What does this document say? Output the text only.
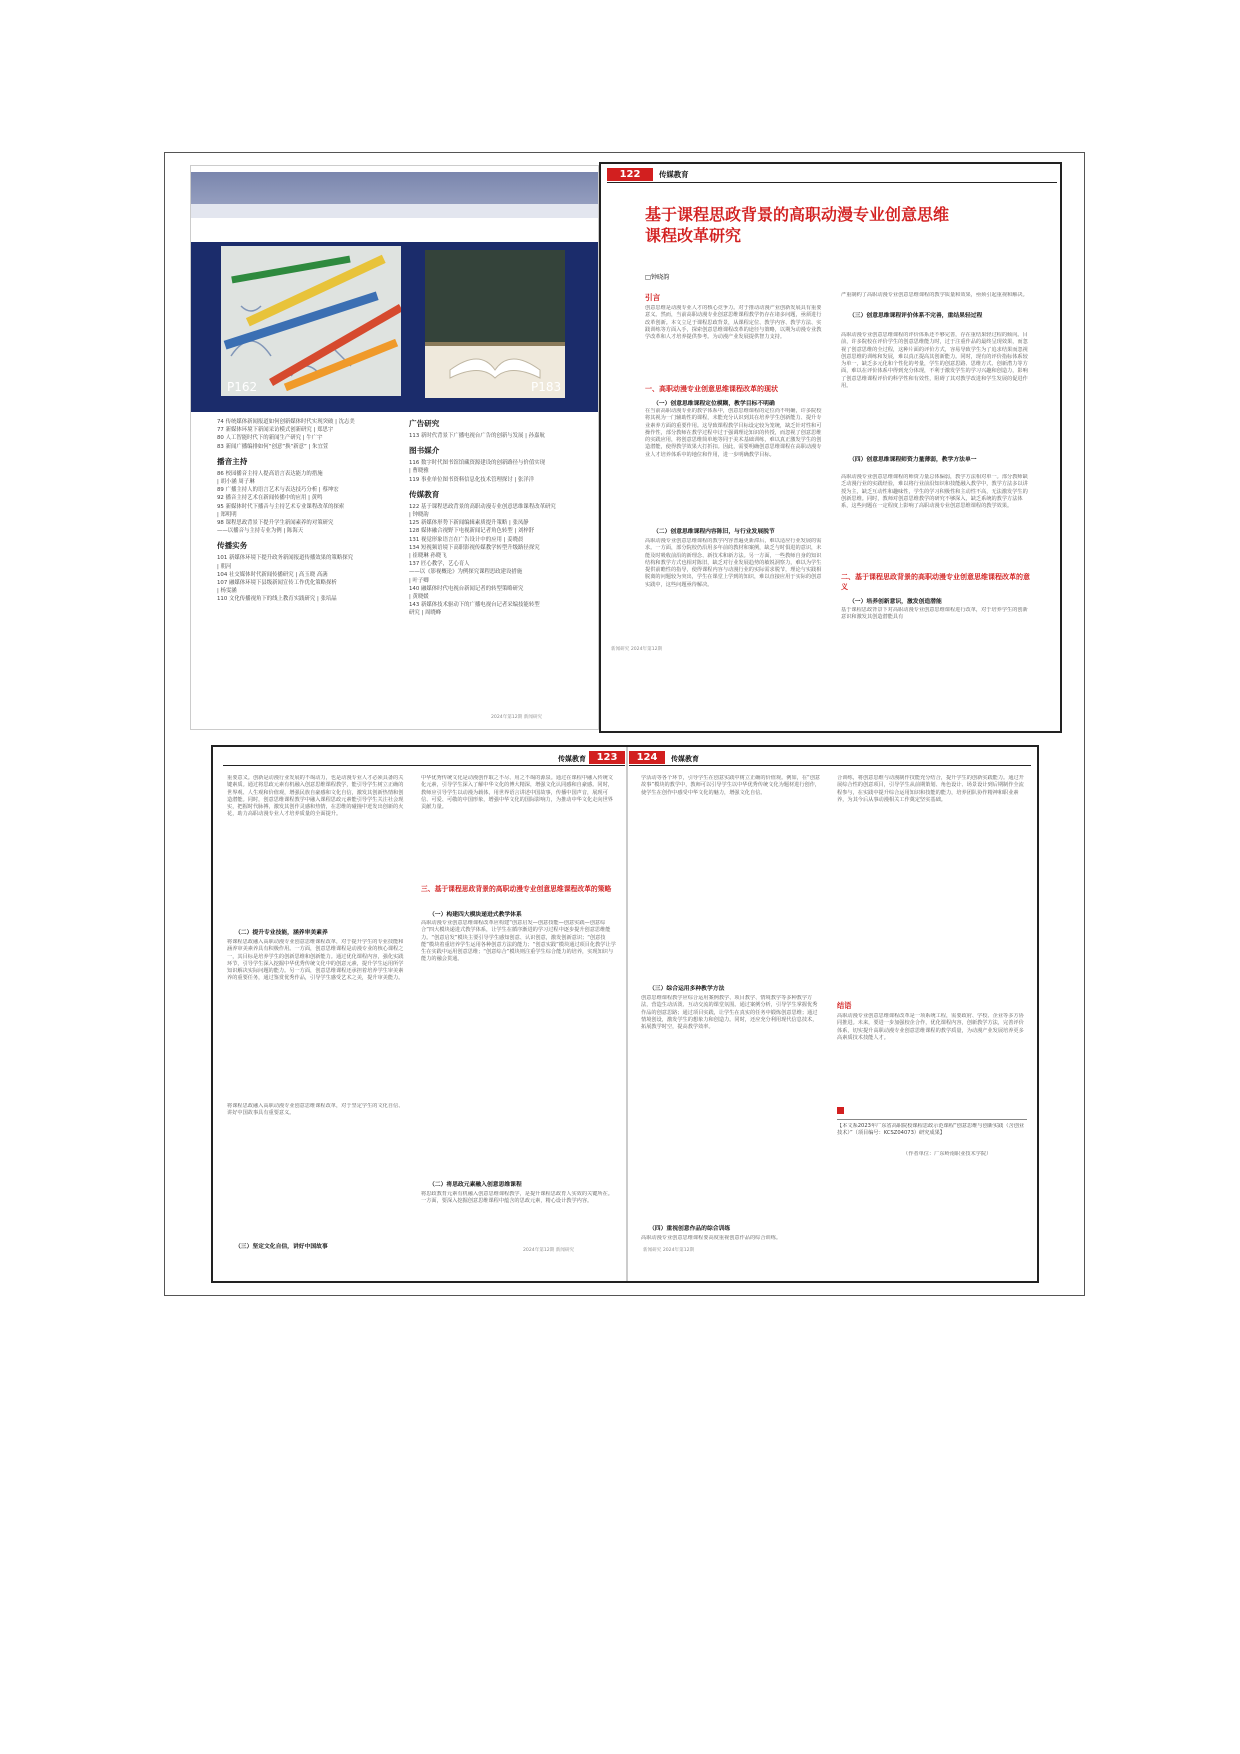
P162	P183
74 传统媒体新闻报道如何创新媒体时代实现突破 | 沈志美
77 新媒体环境下新闻采访模式创新研究 | 郑思宇
80 人工智能时代下的新闻生产研究 | 牛广宇
83 新闻广播编排如何“创意”换“新意” | 朱宜萱
播音主持
86 校园播音主持人提高语言表达能力的措施
| 胡小涵 周子琳
89 广播主持人的语言艺术与表达技巧分析 | 蔡坤宏
92 播音主持艺术在新闻传播中的应用 | 黄鸣
95 新媒体时代下播音与主持艺术专业课程改革的探索
| 郑明明
98 课程思政背景下提升学生新闻素养的对策研究
——以播音与主持专业为例 | 陈海天
传播实务
101 新媒体环境下提升政务新闻报道传播效果的策略探究
| 朝河
104 社交媒体时代新闻传播研究 | 高玉晓 高菡
107 融媒体环境下县级新闻宣传工作优化策略探析
| 杨雯涵
110 文化传播视角下的线上教育实践研究 | 张培晶
广告研究
113 新时代背景下广播电视台广告的创新与发展 | 孙嘉航
图书媒介
116 数字时代图书馆馆藏资源建设的创新路径与价值实现
| 曹晓雅
119 事业单位图书资料信息化技术管理探讨 | 张洋洋
传媒教育
122 基于课程思政背景的高职动漫专业创意思维课程改革研究
| 钟晓韵
125 新媒体形势下新闻编辑素质提升策略 | 张凤静
128 媒体融合视野下电视新闻记者角色转型 | 刘梓舒
131 视觉形象语言在广告设计中的应用 | 姜晓晨
134 短视频语境下高职影视传媒教学转型升级路径探究
| 崔晓琳 孙晓飞
137 匠心教学，艺心育人
——以《影视概论》为例探究课程思政建设措施
| 叶子卿
140 融媒体时代电视台新闻记者的转型策略研究
| 黄晓媛
143 新媒体技术驱动下的广播电视台记者采编技能转型
研究 | 周晓峰
2024年第12期 新闻研究
122	传媒教育
基于课程思政背景的高职动漫专业创意思维
课程改革研究
□钟晓韵
引言
创意思维是动漫专业人才的核心竞争力。对于推动动漫产业创新发展具有重要意义。然而，当前高职动漫专业创意思维课程教学仍存在诸多问题，亟须进行改革创新。本文立足于课程思政背景，从课程定位、教学内容、教学方法、实践训练等方面入手，探索创意思维课程改革的途径与策略，以期为动漫专业教学改革和人才培养提供参考。为动漫产业发展提供智力支持。
一、高职动漫专业创意思维课程改革的现状
（一）创意思维课程定位模糊，教学目标不明确
在当前高职动漫专业的教学体系中，创意思维课程的定位尚不明确，许多院校将其视为一门辅助性的课程，未能充分认识到其在培养学生创新能力、提升专业素养方面的重要作用。这导致课程教学目标设定较为笼统，缺乏针对性和可操作性，部分教师在教学过程中过于强调理论知识的传授，而忽视了创意思维的实践应用，将创意思维简单地等同于美术基础训练，难以真正激发学生的创造潜能，使得教学效果大打折扣。因此，需要明确创意思维课程在高职动漫专业人才培养体系中的地位和作用，进一步明确教学目标。
（二）创意思维课程内容陈旧，与行业发展脱节
高职动漫专业创意思维课程的教学内容普遍更新滞后，难以适应行业发展的需求。一方面，部分院校仍沿用多年前的教材和案例，缺乏与时俱进的意识，未能及时吸收前沿的新理念、新技术和新方法。另一方面，一些教师自身的知识结构和教学方式也相对陈旧，缺乏对行业发展趋势的敏锐洞察力，难以为学生提供前瞻性的指导，使得课程内容与动漫行业的实际需求脱节，理论与实践相脱离的问题较为突出，学生在课堂上学到的知识，难以直接应用于实际的创意实践中，这些问题亟待解决。
严重制约了高职动漫专业创意思维课程的教学质量和效果，亟须引起重视和解决。
（三）创意思维课程评价体系不完善，重结果轻过程
高职动漫专业创意思维课程的评价体系还不够完善，存在重结果轻过程的倾向。目前，许多院校在评价学生的创意思维能力时，过于注重作品的最终呈现效果，而忽视了创意思维的全过程，这种片面的评价方式，容易导致学生为了追求结果而忽视创意思维的训练和发展，难以真正提高其创新能力。同时，现有的评价指标体系较为单一，缺乏多元化和个性化的考量，学生的创意思路、思维方式、创新潜力等方面，难以在评价体系中得到充分体现，不利于激发学生的学习兴趣和创造力，影响了创意思维课程评价的科学性和有效性，阻碍了其对教学改进和学生发展的促进作用。
（四）创意思维课程师资力量薄弱，教学方法单一
高职动漫专业创意思维课程的师资力量总体偏弱，教学方法相对单一。部分教师缺乏动漫行业的实践经验，难以将行业前沿知识和技能融入教学中，教学方法多以讲授为主，缺乏互动性和趣味性，学生的学习积极性和主动性不高，无法激发学生的创新思维。同时，教师对创意思维教学的研究不够深入，缺乏系统的教学方法体系，这些问题在一定程度上影响了高职动漫专业创意思维课程的教学效果。
二、基于课程思政背景的高职动漫专业创意思维课程改革的意义
（一）培养创新意识，激发创造潜能
基于课程思政背景下对高职动漫专业创意思维课程进行改革，对于培养学生的创新意识和激发其创造潜能具有
新闻研究 2024年第12期
传媒教育	123	124	传媒教育
重要意义。创新是动漫行业发展的不竭动力，也是动漫专业人才必须具备的关键素质。通过将思政元素有机融入创意思维课程教学，能引导学生树立正确的世界观、人生观和价值观，增强民族自豪感和文化自信，激发其创新热情和创造潜能。同时，创意思维课程教学中融入课程思政元素能引导学生关注社会现实，把握时代脉搏，激发其创作灵感和热情，在思维的碰撞中迸发出创新的火花，助力高职动漫专业人才培养质量的全面提升。
（二）提升专业技能，涵养审美素养
将课程思政融入高职动漫专业创意思维课程改革，对于提升学生的专业技能和涵养审美素养具有积极作用。一方面，创意思维课程是动漫专业的核心课程之一，其目标是培养学生的创新思维和创新能力。通过优化课程内容，强化实践环节，引导学生深入挖掘中华优秀传统文化中的创意元素，提升学生运用所学知识解决实际问题的能力。另一方面，创意思维课程还承担着培养学生审美素养的重要任务，通过鉴赏优秀作品，引导学生感受艺术之美，提升审美能力。
将课程思政融入高职动漫专业创意思维课程改革，对于坚定学生的文化自信、讲好中国故事具有重要意义。
（三）坚定文化自信，讲好中国故事
中华优秀传统文化是动漫创作取之不尽、用之不竭的源泉。通过在课程中融入传统文化元素，引导学生深入了解中华文化的博大精深，增强文化认同感和自豪感。同时，教师应引导学生以动漫为载体，用世界语言讲述中国故事，传播中国声音，展现可信、可爱、可敬的中国形象，增强中华文化的国际影响力，为推动中华文化走向世界贡献力量。
三、基于课程思政背景的高职动漫专业创意思维课程改革的策略
（一）构建四大模块递进式教学体系
高职动漫专业创意思维课程改革应构建“创意启发—创意技能—创意实践—创意综合”四大模块递进式教学体系，让学生在循序渐进的学习过程中逐步提升创意思维能力。“创意启发”模块主要引导学生感知创意、认识创意，激发创新意识；“创意技能”模块着重培养学生运用各种创意方法的能力；“创意实践”模块通过项目化教学让学生在实践中运用创意思维；“创意综合”模块则注重学生综合能力的培养，实现知识与能力的融会贯通。
（二）将思政元素融入创意思维课程
将思政教育元素有机融入创意思维课程教学，是提升课程思政育人实效的关键所在。一方面，要深入挖掘创意思维课程中蕴含的思政元素，精心设计教学内容。
2024年第12期 新闻研究
学活动等各个环节，引导学生在创意实践中树立正确的价值观。例如，在“创意故事”模块的教学中，教师可以引导学生以中华优秀传统文化为题材进行创作，使学生在创作中感受中华文化的魅力，增强文化自信。
（三）综合运用多种教学方法
创意思维课程教学应综合运用案例教学、项目教学、情境教学等多种教学方法，营造生动活泼、互动交流的课堂氛围。通过案例分析，引导学生掌握优秀作品的创意思路；通过项目实践，让学生在真实的任务中锻炼创意思维；通过情境创设，激发学生的想象力和创造力。同时，还应充分利用现代信息技术，拓展教学时空，提高教学效率。
（四）重视创意作品的综合训练
高职动漫专业创意思维课程要高度重视创意作品的综合训练。
合训练，将创意思维与动漫制作技能充分结合，提升学生的创新实践能力。通过开展综合性的创意项目，引导学生从前期策划、角色设计、场景设计到后期制作全流程参与，在实践中提升综合运用知识和技能的能力，培养团队协作精神和职业素养，为其今后从事动漫相关工作奠定坚实基础。
结语
高职动漫专业创意思维课程改革是一项系统工程，需要政府、学校、企业等多方协同推进。未来，要进一步加强校企合作，优化课程内容，创新教学方法，完善评价体系，切实提升高职动漫专业创意思维课程的教学质量，为动漫产业发展培养更多高素质技术技能人才。
【本文系2023年广东省高职院校课程思政示范课程“创意思维与创新实践（含创业技术）”（项目编号：KCSZ04073）研究成果】
（作者单位：广东岭南职业技术学院）
新闻研究 2024年第12期
